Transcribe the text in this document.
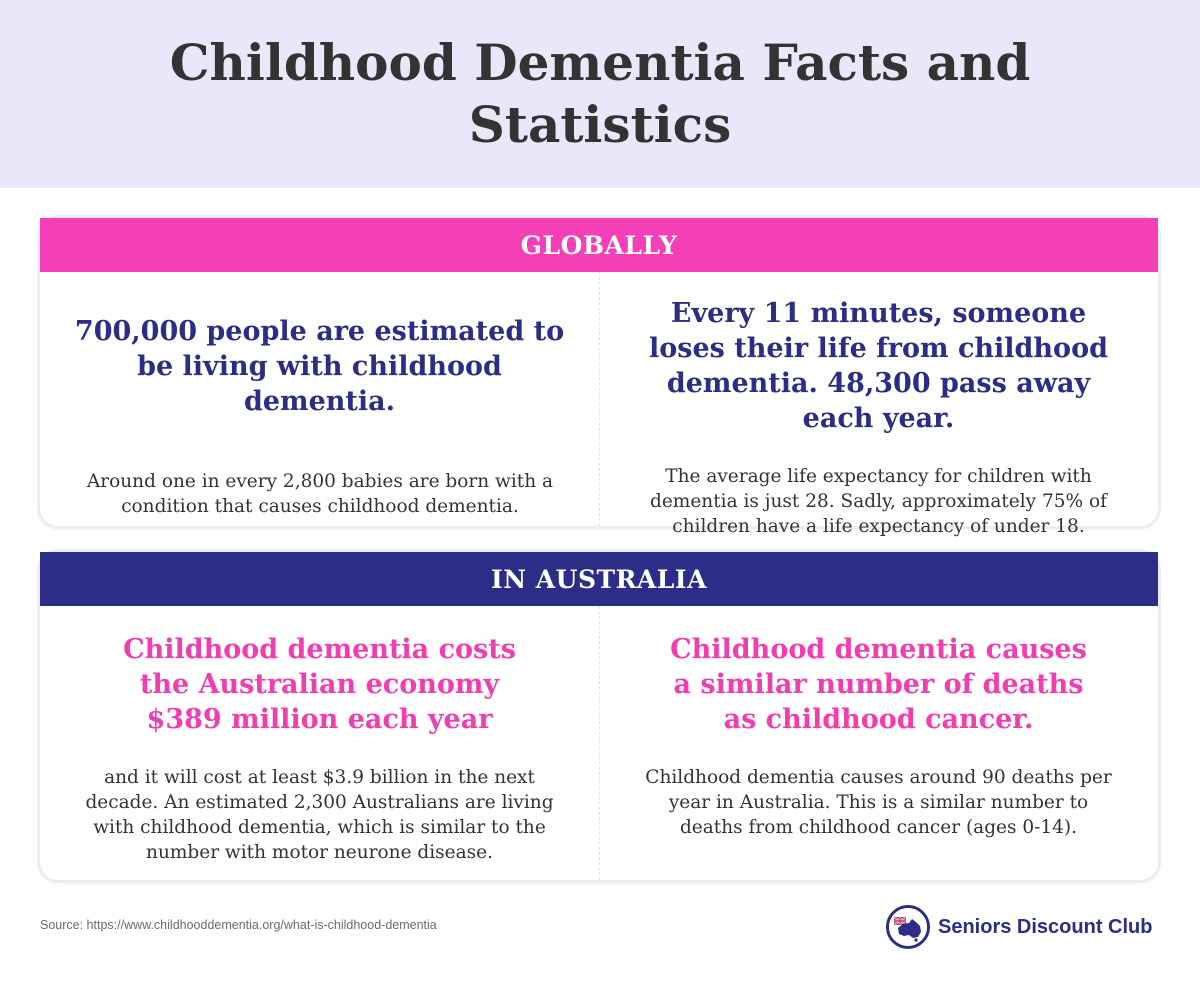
Childhood Dementia Facts and Statistics
GLOBALLY

700,000 people are estimated to be living with childhood dementia.

Around one in every 2,800 babies are born with a condition that causes childhood dementia.

Every 11 minutes, someone loses their life from childhood dementia. 48,300 pass away each year.

The average life expectancy for children with dementia is just 28. Sadly, approximately 75% of children have a life expectancy of under 18.

IN AUSTRALIA

Childhood dementia costs the Australian economy $389 million each year

and it will cost at least $3.9 billion in the next decade. An estimated 2,300 Australians are living with childhood dementia, which is similar to the number with motor neurone disease.

Childhood dementia causes a similar number of deaths as childhood cancer.

Childhood dementia causes around 90 deaths per year in Australia. This is a similar number to deaths from childhood cancer (ages 0-14).

Source: https://www.childhooddementia.org/what-is-childhood-dementia	Seniors Discount Club
